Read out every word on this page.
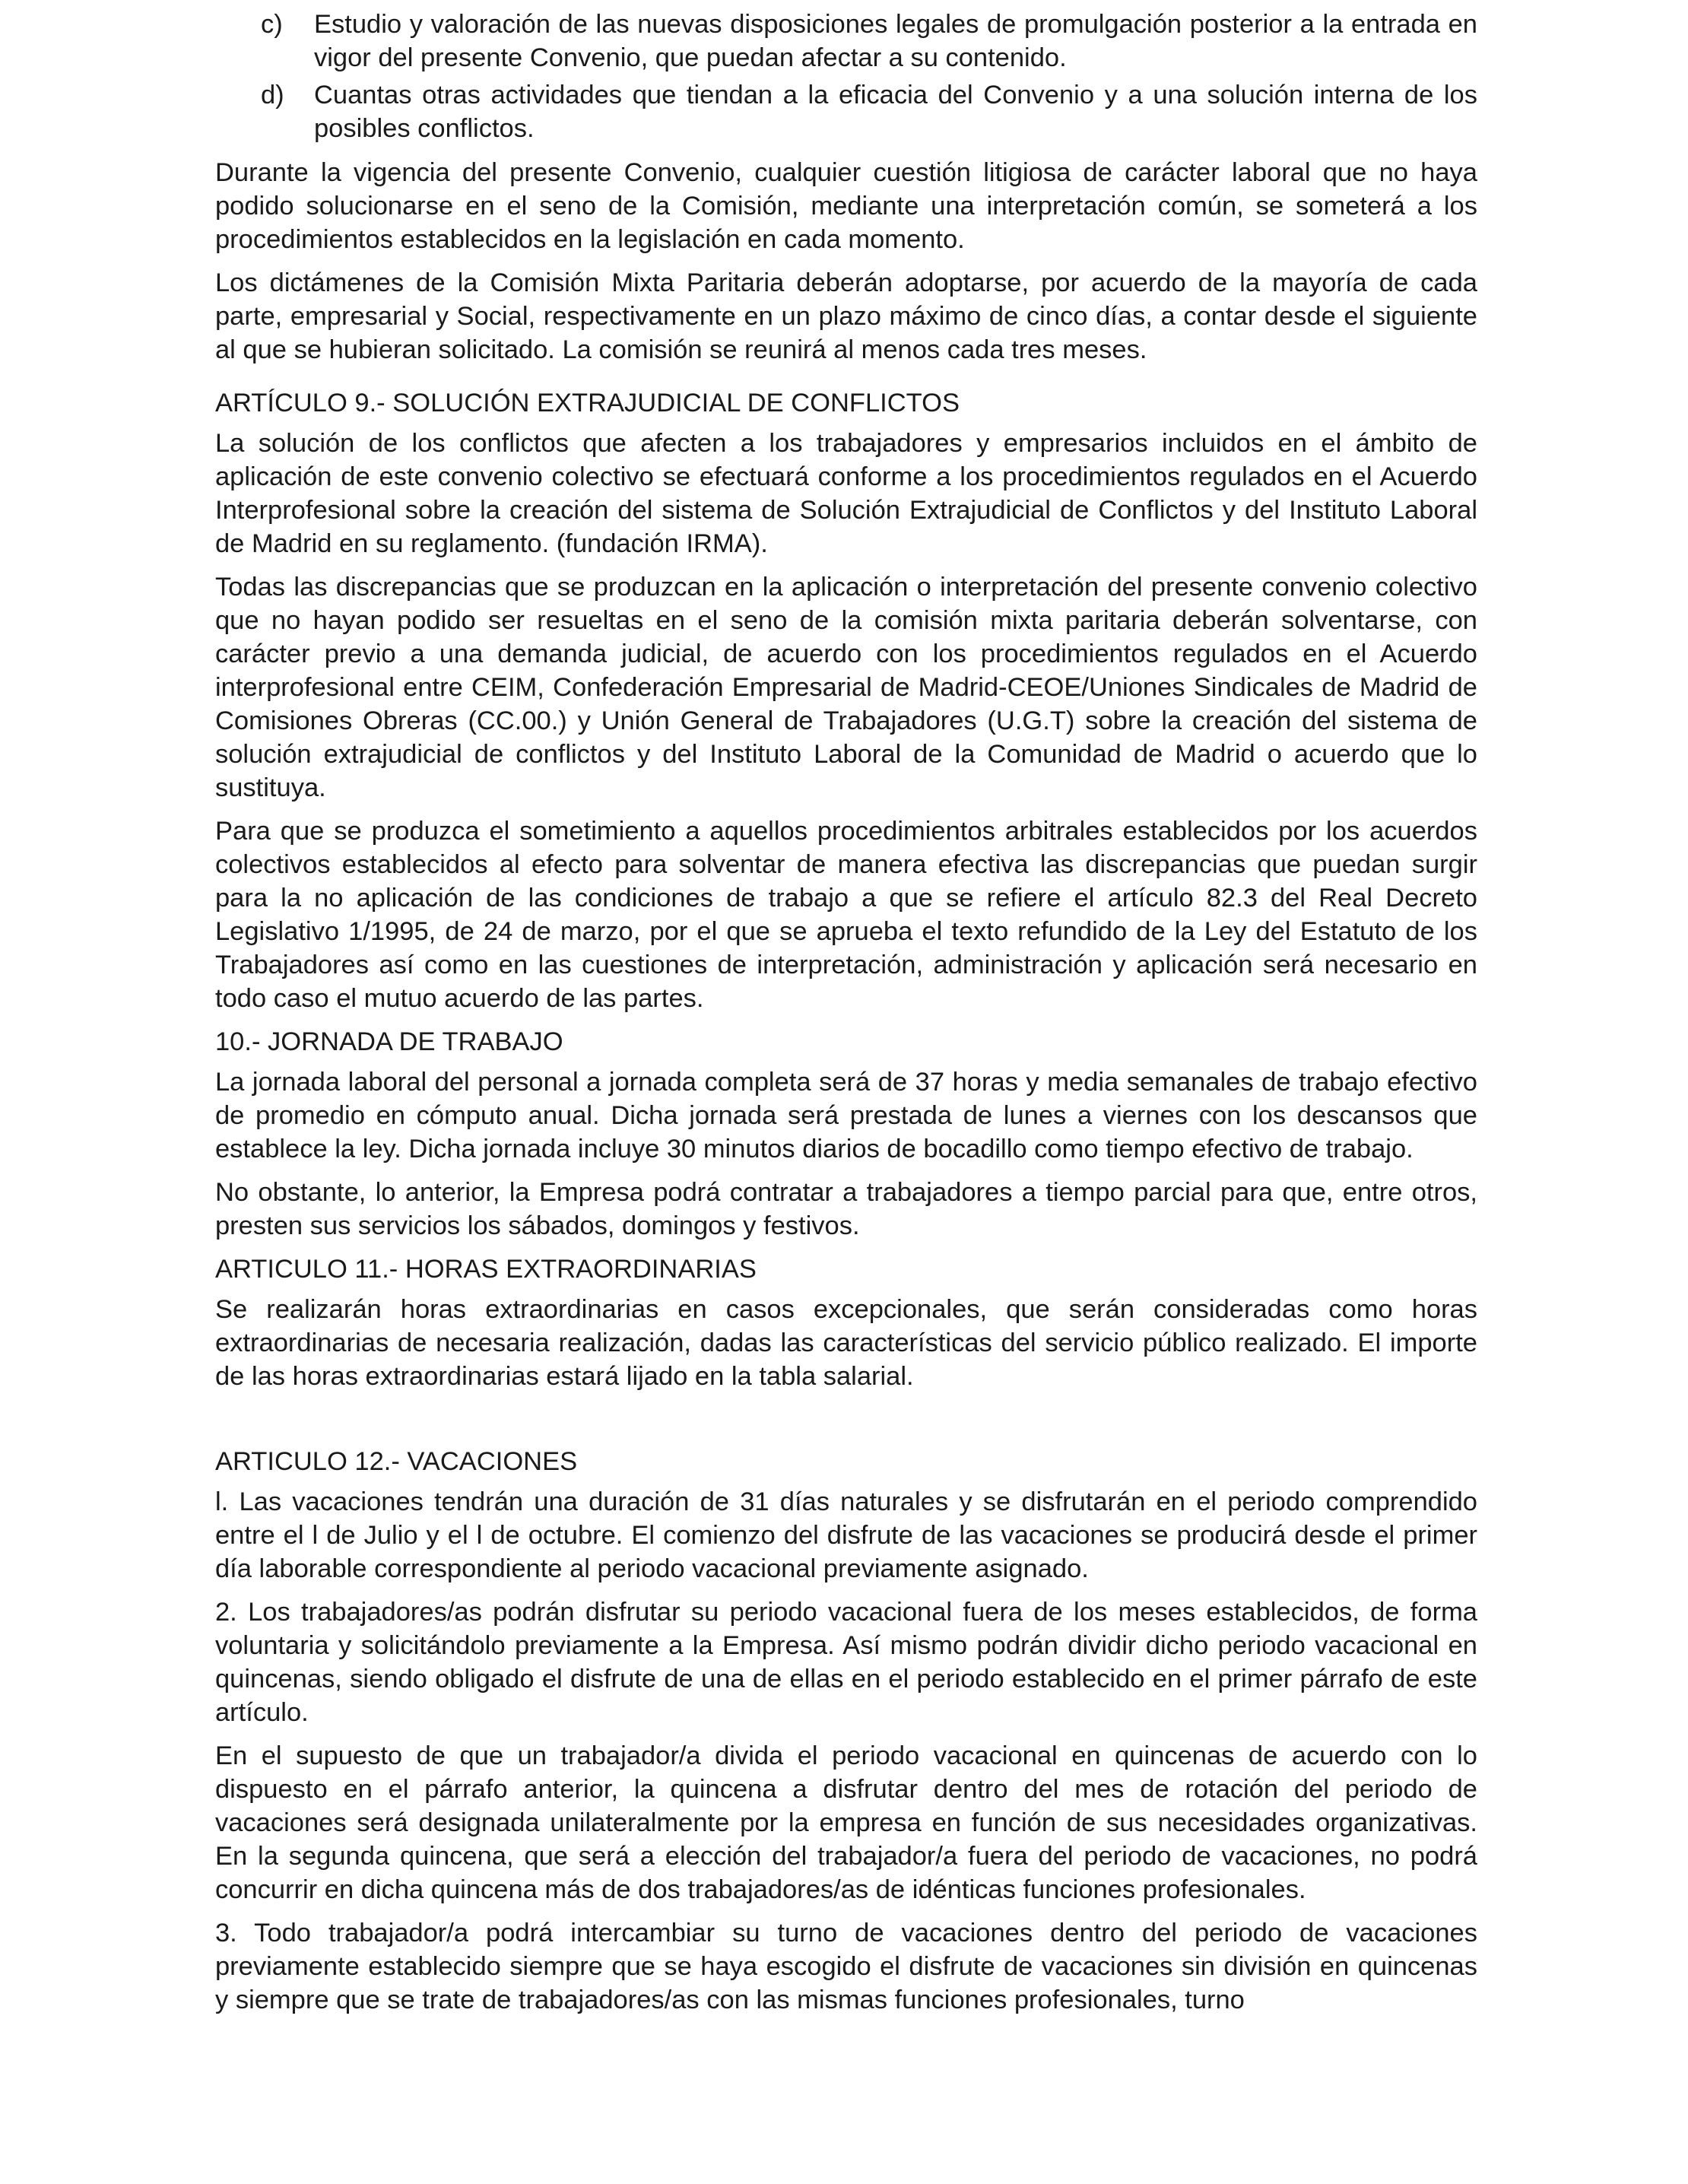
c) Estudio y valoración de las nuevas disposiciones legales de promulgación posterior a la entrada en vigor del presente Convenio, que puedan afectar a su contenido.
d) Cuantas otras actividades que tiendan a la eficacia del Convenio y a una solución interna de los posibles conflictos.

Durante la vigencia del presente Convenio, cualquier cuestión litigiosa de carácter laboral que no haya podido solucionarse en el seno de la Comisión, mediante una interpretación común, se someterá a los procedimientos establecidos en la legislación en cada momento.

Los dictámenes de la Comisión Mixta Paritaria deberán adoptarse, por acuerdo de la mayoría de cada parte, empresarial y Social, respectivamente en un plazo máximo de cinco días, a contar desde el siguiente al que se hubieran solicitado. La comisión se reunirá al menos cada tres meses.

ARTÍCULO 9.- SOLUCIÓN EXTRAJUDICIAL DE CONFLICTOS

La solución de los conflictos que afecten a los trabajadores y empresarios incluidos en el ámbito de aplicación de este convenio colectivo se efectuará conforme a los procedimientos regulados en el Acuerdo Interprofesional sobre la creación del sistema de Solución Extrajudicial de Conflictos y del Instituto Laboral de Madrid en su reglamento. (fundación IRMA).

Todas las discrepancias que se produzcan en la aplicación o interpretación del presente convenio colectivo que no hayan podido ser resueltas en el seno de la comisión mixta paritaria deberán solventarse, con carácter previo a una demanda judicial, de acuerdo con los procedimientos regulados en el Acuerdo interprofesional entre CEIM, Confederación Empresarial de Madrid-CEOE/Uniones Sindicales de Madrid de Comisiones Obreras (CC.00.) y Unión General de Trabajadores (U.G.T) sobre la creación del sistema de solución extrajudicial de conflictos y del Instituto Laboral de la Comunidad de Madrid o acuerdo que lo sustituya.

Para que se produzca el sometimiento a aquellos procedimientos arbitrales establecidos por los acuerdos colectivos establecidos al efecto para solventar de manera efectiva las discrepancias que puedan surgir para la no aplicación de las condiciones de trabajo a que se refiere el artículo 82.3 del Real Decreto Legislativo 1/1995, de 24 de marzo, por el que se aprueba el texto refundido de la Ley del Estatuto de los Trabajadores así como en las cuestiones de interpretación, administración y aplicación será necesario en todo caso el mutuo acuerdo de las partes.

10.- JORNADA DE TRABAJO

La jornada laboral del personal a jornada completa será de 37 horas y media semanales de trabajo efectivo de promedio en cómputo anual. Dicha jornada será prestada de lunes a viernes con los descansos que establece la ley. Dicha jornada incluye 30 minutos diarios de bocadillo como tiempo efectivo de trabajo.

No obstante, lo anterior, la Empresa podrá contratar a trabajadores a tiempo parcial para que, entre otros, presten sus servicios los sábados, domingos y festivos.

ARTICULO 11.- HORAS EXTRAORDINARIAS

Se realizarán horas extraordinarias en casos excepcionales, que serán consideradas como horas extraordinarias de necesaria realización, dadas las características del servicio público realizado. El importe de las horas extraordinarias estará lijado en la tabla salarial.

ARTICULO 12.- VACACIONES

l. Las vacaciones tendrán una duración de 31 días naturales y se disfrutarán en el periodo comprendido entre el l de Julio y el l de octubre. El comienzo del disfrute de las vacaciones se producirá desde el primer día laborable correspondiente al periodo vacacional previamente asignado.

2. Los trabajadores/as podrán disfrutar su periodo vacacional fuera de los meses establecidos, de forma voluntaria y solicitándolo previamente a la Empresa. Así mismo podrán dividir dicho periodo vacacional en quincenas, siendo obligado el disfrute de una de ellas en el periodo establecido en el primer párrafo de este artículo.

En el supuesto de que un trabajador/a divida el periodo vacacional en quincenas de acuerdo con lo dispuesto en el párrafo anterior, la quincena a disfrutar dentro del mes de rotación del periodo de vacaciones será designada unilateralmente por la empresa en función de sus necesidades organizativas. En la segunda quincena, que será a elección del trabajador/a fuera del periodo de vacaciones, no podrá concurrir en dicha quincena más de dos trabajadores/as de idénticas funciones profesionales.

3. Todo trabajador/a podrá intercambiar su turno de vacaciones dentro del periodo de vacaciones previamente establecido siempre que se haya escogido el disfrute de vacaciones sin división en quincenas y siempre que se trate de trabajadores/as con las mismas funciones profesionales, turno
